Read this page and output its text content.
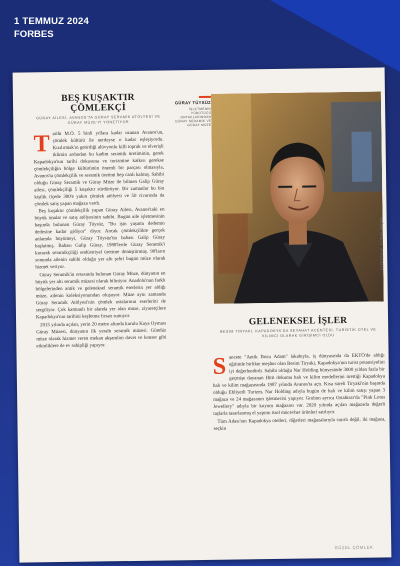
1 TEMMUZ 2024
FORBES
BEŞ KUŞAKTIR ÇÖMLEKÇİ
GÜRAY AİLESİ, AVANOS'TA GÜRAY SERAMİK ATÖLYESİ VE GÜRAY MÜZE'Yİ YÖNETİYOR

Tarihi M.Ö. 5 binli yıllara kadar uzanan Avanos'un, çömlek kültürü ile nerdeyse o kadar eşleşiyordu. Kızılırmak'ın getirdiği alüvyonlu killi toprak ve elverişli iklimin ardından bu kadim seramik üretiminin, gerek Kapadokya'nın tarihi dokusuna ve turizmine katkısı gerekse çömlekçiliğin bölge kültürünün önemli bir parçası olmasıyla, Avanos'ta çömlekçilik ve seramik üretimi hep canlı kalmış. Sahibi olduğu Güray Seramik ve Güray Müze ile bilinen Galip Güray ailesi, çömlekçiliği 5 kuşaktır sürdürüyor. Bir zamanlar bu bin kişilik ilçede 300'e yakın çömlek atölyesi ve 50 civarında da çömlek satış yapan mağaza vardı.

Beş kuşaktır çömlekçilik yapan Güray Ailesi, Avanos'taki en büyük imalat ve satış atölyesinin sahibi. Bugün aile işletmesinin başında bulunan Güray Tüysüz, "Bu işin yaşamı dedemin dedesine kadar gidiyor" diyor. Ancak çömlekçilikte gerçek anlamda büyümeyi, Güray Tüysüz'ün babası Galip Güray başlatmış. Babası Galip Güray, 1980'lerde Güray Seramik'i kurarak seramikçiliği endüstriyel üretime dönüştürmüş. 90'ların sonunda ailenin sahibi olduğu yer altı şehri bugün müze olarak hizmet veriyor.

Güray Seramik'in ortasında bulunan Güray Müze, dünyanın en büyük yer altı seramik müzesi olarak biliniyor. Anadolu'nun farklı bölgelerinden antik ve geleneksel seramik eserlerin yer aldığı müze, ailenin koleksiyonundan oluşuyor. Müze aynı zamanda Güray Seramik Atölyesi'nin çömlek ustalarının eserlerini de sergiliyor. Çok katmanlı bir alanda yer alan müze, ziyaretçilere Kapadokya'nın tarihini keşfetme fırsatı sunuyor.

2015 yılında açılan, yerin 20 metre altında kurulu Kaya Oyması Güray Müzesi, dünyanın ilk yeraltı seramik müzesi. Gündüz müze olarak hizmet veren mekan akşamları davet ve konser gibi etkinliklere de ev sahipliği yapıyor.

GÜRAY TÜYSÜZ
İŞLETMENİN YÜRÜTÜCÜ ORTAKLARINDAN GÜRAY SERAMİK VE GÜRAY MÜZE
FOTOĞRAF: GÜRAY ARŞİVİ
GELENEKSEL İŞLER
BESİM TİRYAKİ, KAPADOKYA'DA SEYAHAT ACENTESİ, TURİSTİK OTEL VE KİLİMCİ OLARAK GİRİŞİMCİ OLDU

Sancete "Antik Bozu Adam" lakabıyla, iş dünyasında da EKTÖ'de aldığı eğitimle birlikte meşhur olan Besim Tiryaki, Kapadokya'nın turist potansiyelini iyi değerlendirdi. Sahibi olduğu Nar Holding bünyesinde 3000 yıldan fazla bir geçmişe dayanan Hitit dokuma halı ve kilim modellerini ürettiği Kapadokya halı ve kilim mağazasında 1987 yılında Avanos'ta açtı. Kısa süreli Tiryaki'nin başında olduğu Ehliyetli Turizm, Nar Holding adıyla bugün de halı ve kilim satışı yapan 3 mağaza ve 24 mağazanın işletmecisi yapıyor. Grubun ayrıca Ortahisar'da "Pink Lotus Jewellery" adıyla bir kuyum mağazası var. 2020 yılında açılan mağazada değerli taşlarla tasarlanmış el yapımı özel mücevher ürünleri satılıyor.

Tüm Adası'nın Kapadokya otelleri, diğerleri mağazalarıyla sınırlı değil, iki mağaza, seçkin

GÜZEL ÇÖMLEK
